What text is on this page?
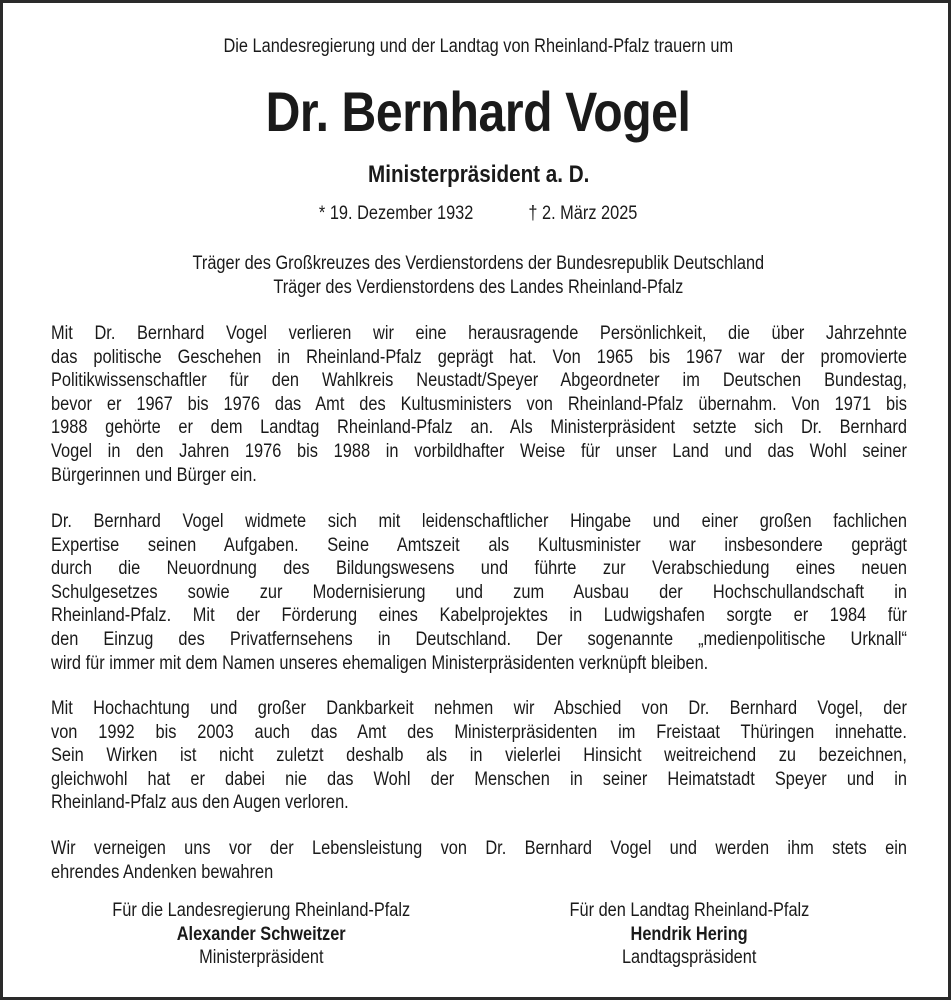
Die Landesregierung und der Landtag von Rheinland-Pfalz trauern um
Dr. Bernhard Vogel
Ministerpräsident a. D.
* 19. Dezember 1932	† 2. März 2025
Träger des Großkreuzes des Verdienstordens der Bundesrepublik Deutschland
Träger des Verdienstordens des Landes Rheinland-Pfalz
Mit Dr. Bernhard Vogel verlieren wir eine herausragende Persönlichkeit, die über Jahrzehnte
das politische Geschehen in Rheinland-Pfalz geprägt hat. Von 1965 bis 1967 war der promovierte
Politikwissenschaftler für den Wahlkreis Neustadt/Speyer Abgeordneter im Deutschen Bundestag,
bevor er 1967 bis 1976 das Amt des Kultusministers von Rheinland-Pfalz übernahm. Von 1971 bis
1988 gehörte er dem Landtag Rheinland-Pfalz an. Als Ministerpräsident setzte sich Dr. Bernhard
Vogel in den Jahren 1976 bis 1988 in vorbildhafter Weise für unser Land und das Wohl seiner
Bürgerinnen und Bürger ein.
Dr. Bernhard Vogel widmete sich mit leidenschaftlicher Hingabe und einer großen fachlichen
Expertise seinen Aufgaben. Seine Amtszeit als Kultusminister war insbesondere geprägt
durch die Neuordnung des Bildungswesens und führte zur Verabschiedung eines neuen
Schulgesetzes sowie zur Modernisierung und zum Ausbau der Hochschullandschaft in
Rheinland-Pfalz. Mit der Förderung eines Kabelprojektes in Ludwigshafen sorgte er 1984 für
den Einzug des Privatfernsehens in Deutschland. Der sogenannte „medienpolitische Urknall“
wird für immer mit dem Namen unseres ehemaligen Ministerpräsidenten verknüpft bleiben.
Mit Hochachtung und großer Dankbarkeit nehmen wir Abschied von Dr. Bernhard Vogel, der
von 1992 bis 2003 auch das Amt des Ministerpräsidenten im Freistaat Thüringen innehatte.
Sein Wirken ist nicht zuletzt deshalb als in vielerlei Hinsicht weitreichend zu bezeichnen,
gleichwohl hat er dabei nie das Wohl der Menschen in seiner Heimatstadt Speyer und in
Rheinland-Pfalz aus den Augen verloren.
Wir verneigen uns vor der Lebensleistung von Dr. Bernhard Vogel und werden ihm stets ein
ehrendes Andenken bewahren
Für die Landesregierung Rheinland-Pfalz
Alexander Schweitzer
Ministerpräsident
Für den Landtag Rheinland-Pfalz
Hendrik Hering
Landtagspräsident
